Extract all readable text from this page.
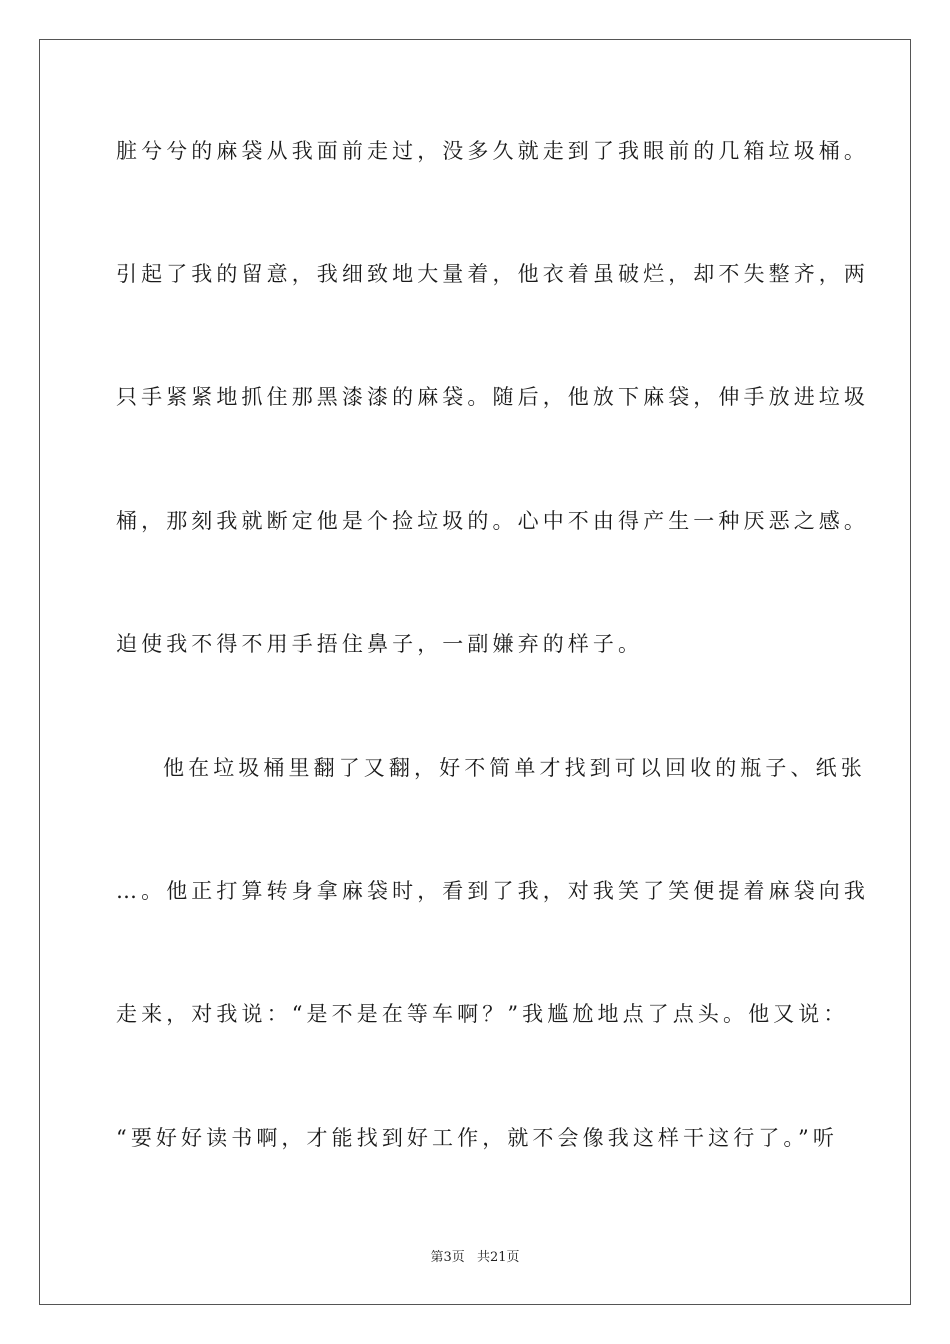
脏兮兮的麻袋从我面前走过，没多久就走到了我眼前的几箱垃圾桶。
引起了我的留意，我细致地大量着，他衣着虽破烂，却不失整齐，两
只手紧紧地抓住那黑漆漆的麻袋。随后，他放下麻袋，伸手放进垃圾
桶，那刻我就断定他是个捡垃圾的。心中不由得产生一种厌恶之感。
迫使我不得不用手捂住鼻子，一副嫌弃的样子。
他在垃圾桶里翻了又翻，好不简单才找到可以回收的瓶子、纸张
…。他正打算转身拿麻袋时，看到了我，对我笑了笑便提着麻袋向我
走来，对我说：“是不是在等车啊？”我尴尬地点了点头。他又说：
“要好好读书啊，才能找到好工作，就不会像我这样干这行了。”听
第3页 共21页
